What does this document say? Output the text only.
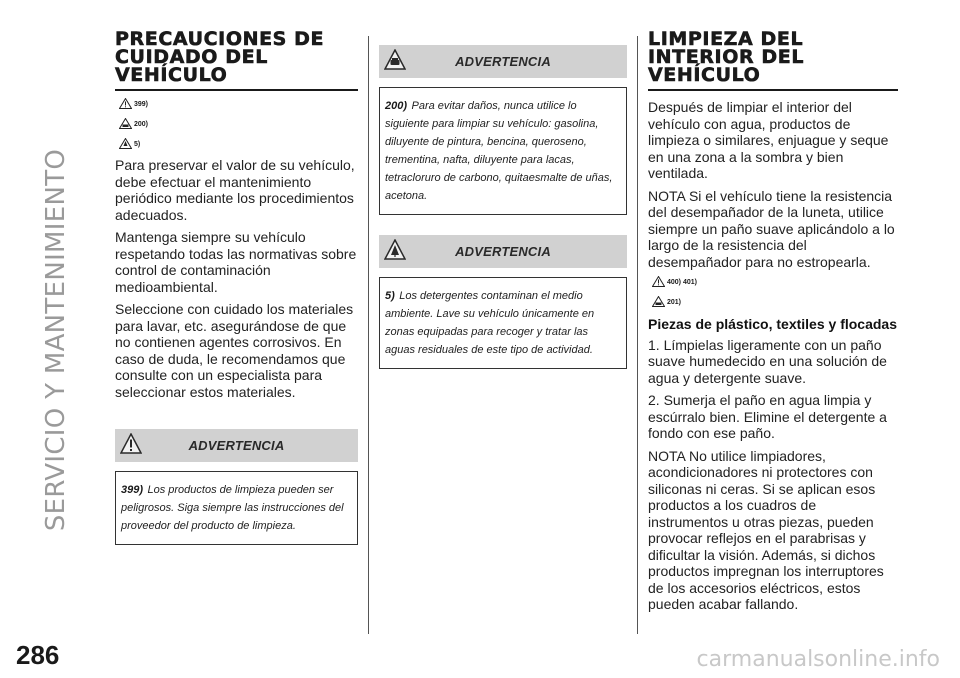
SERVICIO Y MANTENIMIENTO
PRECAUCIONES DE CUIDADO DEL VEHÍCULO
399)
200)
5)

Para preservar el valor de su vehículo, debe efectuar el mantenimiento periódico mediante los procedimientos adecuados.

Mantenga siempre su vehículo respetando todas las normativas sobre control de contaminación medioambiental.

Seleccione con cuidado los materiales para lavar, etc. asegurándose de que no contienen agentes corrosivos. En caso de duda, le recomendamos que consulte con un especialista para seleccionar estos materiales.

ADVERTENCIA
399) Los productos de limpieza pueden ser peligrosos. Siga siempre las instrucciones del proveedor del producto de limpieza.
ADVERTENCIA
200) Para evitar daños, nunca utilice lo siguiente para limpiar su vehículo: gasolina, diluyente de pintura, bencina, queroseno, trementina, nafta, diluyente para lacas, tetracloruro de carbono, quitaesmalte de uñas, acetona.
ADVERTENCIA
5) Los detergentes contaminan el medio ambiente. Lave su vehículo únicamente en zonas equipadas para recoger y tratar las aguas residuales de este tipo de actividad.
LIMPIEZA DEL INTERIOR DEL VEHÍCULO

Después de limpiar el interior del vehículo con agua, productos de limpieza o similares, enjuague y seque en una zona a la sombra y bien ventilada.

NOTA Si el vehículo tiene la resistencia del desempañador de la luneta, utilice siempre un paño suave aplicándolo a lo largo de la resistencia del desempañador para no estropearla.

400) 401)
201)
Piezas de plástico, textiles y flocadas

1. Límpielas ligeramente con un paño suave humedecido en una solución de agua y detergente suave.

2. Sumerja el paño en agua limpia y escúrralo bien. Elimine el detergente a fondo con ese paño.

NOTA No utilice limpiadores, acondicionadores ni protectores con siliconas ni ceras. Si se aplican esos productos a los cuadros de instrumentos u otras piezas, pueden provocar reflejos en el parabrisas y dificultar la visión. Además, si dichos productos impregnan los interruptores de los accesorios eléctricos, estos pueden acabar fallando.

286	carmanualsonline.info
